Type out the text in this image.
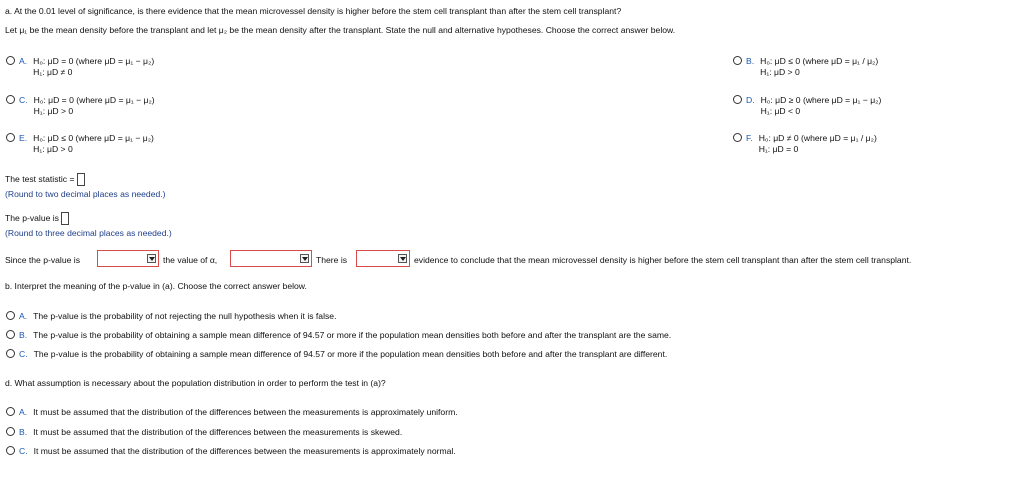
a. At the 0.01 level of significance, is there evidence that the mean microvessel density is higher before the stem cell transplant than after the stem cell transplant?
Let μ₁ be the mean density before the transplant and let μ₂ be the mean density after the transplant. State the null and alternative hypotheses. Choose the correct answer below.
A. H₀: μD = 0 (where μD = μ₁ − μ₂)
H₁: μD ≠ 0
C. H₀: μD = 0 (where μD = μ₁ − μ₂)
H₁: μD > 0
E. H₀: μD ≤ 0 (where μD = μ₁ − μ₂)
H₁: μD > 0
B. H₀: μD ≤ 0 (where μD = μ₁ / μ₂)
H₁: μD > 0
D. H₀: μD ≥ 0 (where μD = μ₁ − μ₂)
H₁: μD < 0
F. H₀: μD ≠ 0 (where μD = μ₁ / μ₂)
H₁: μD = 0
The test statistic =
(Round to two decimal places as needed.)
The p-value is
(Round to three decimal places as needed.)
Since the p-value is	the value of α,	There is	evidence to conclude that the mean microvessel density is higher before the stem cell transplant than after the stem cell transplant.
b. Interpret the meaning of the p-value in (a). Choose the correct answer below.
A. The p-value is the probability of not rejecting the null hypothesis when it is false.
B. The p-value is the probability of obtaining a sample mean difference of 94.57 or more if the population mean densities both before and after the transplant are the same.
C. The p-value is the probability of obtaining a sample mean difference of 94.57 or more if the population mean densities both before and after the transplant are different.
d. What assumption is necessary about the population distribution in order to perform the test in (a)?
A. It must be assumed that the distribution of the differences between the measurements is approximately uniform.
B. It must be assumed that the distribution of the differences between the measurements is skewed.
C. It must be assumed that the distribution of the differences between the measurements is approximately normal.
